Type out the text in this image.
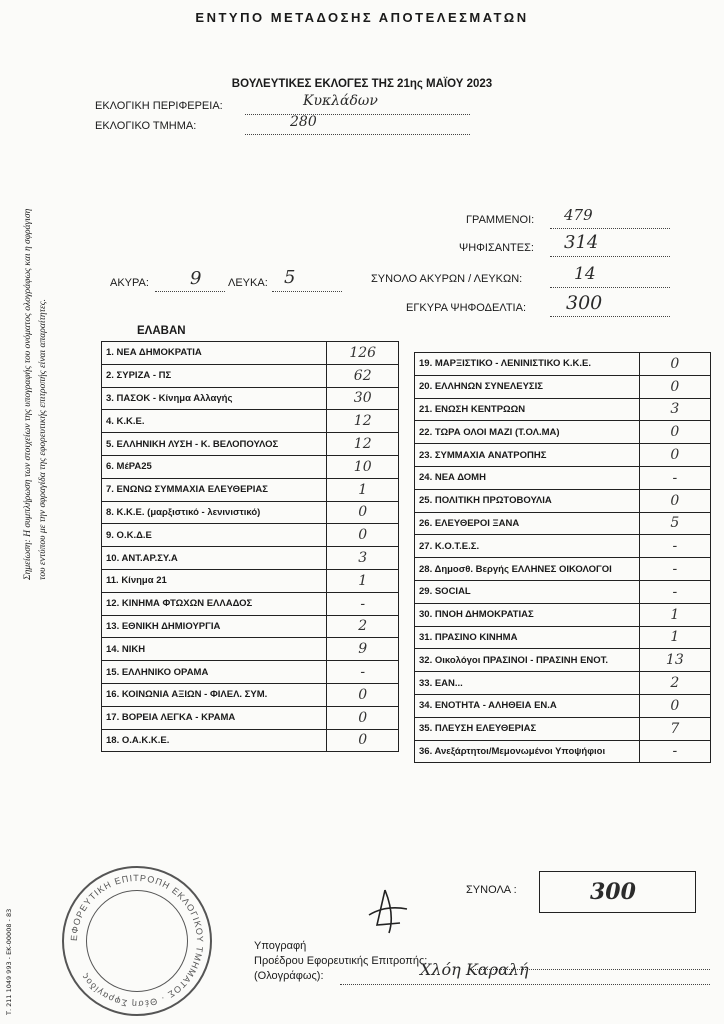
ΕΝΤΥΠΟ ΜΕΤΑΔΟΣΗΣ ΑΠΟΤΕΛΕΣΜΑΤΩΝ
ΒΟΥΛΕΥΤΙΚΕΣ ΕΚΛΟΓΕΣ ΤΗΣ 21ης ΜΑΪΟΥ 2023
ΕΚΛΟΓΙΚΗ ΠΕΡΙΦΕΡΕΙΑ:	Κυκλάδων
ΕΚΛΟΓΙΚΟ ΤΜΗΜΑ:	280
ΓΡΑΜΜΕΝΟΙ: 479
ΨΗΦΙΣΑΝΤΕΣ: 314
ΑΚΥΡΑ: 9 ΛΕΥΚΑ: 5	ΣΥΝΟΛΟ ΑΚΥΡΩΝ / ΛΕΥΚΩΝ:	14
ΕΓΚΥΡΑ ΨΗΦΟΔΕΛΤΙΑ: 300
ΕΛΑΒΑΝ
1. ΝΕΑ ΔΗΜΟΚΡΑΤΙΑ	126
2. ΣΥΡΙΖΑ - ΠΣ	62
3. ΠΑΣΟΚ - Κίνημα Αλλαγής	30
4. Κ.Κ.Ε.	12
5. ΕΛΛΗΝΙΚΗ ΛΥΣΗ - Κ. ΒΕΛΟΠΟΥΛΟΣ	12
6. ΜέΡΑ25	10
7. ΕΝΩΝΩ ΣΥΜΜΑΧΙΑ ΕΛΕΥΘΕΡΙΑΣ	1
8. Κ.Κ.Ε. (μαρξιστικό - λενινιστικό)	0
9. Ο.Κ.Δ.Ε	0
10. ΑΝΤ.ΑΡ.ΣΥ.Α	3
11. Κίνημα 21	1
12. ΚΙΝΗΜΑ ΦΤΩΧΩΝ ΕΛΛΑΔΟΣ	-
13. ΕΘΝΙΚΗ ΔΗΜΙΟΥΡΓΙΑ	2
14. ΝΙΚΗ	9
15. ΕΛΛΗΝΙΚΟ ΟΡΑΜΑ	-
16. ΚΟΙΝΩΝΙΑ ΑΞΙΩΝ - ΦΙΛΕΛ. ΣΥΜ.	0
17. ΒΟΡΕΙΑ ΛΕΓΚΑ - ΚΡΑΜΑ	0
18. Ο.Α.Κ.Κ.Ε.	0
19. ΜΑΡΞΙΣΤΙΚΟ - ΛΕΝΙΝΙΣΤΙΚΟ Κ.Κ.Ε.	0
20. ΕΛΛΗΝΩΝ ΣΥΝΕΛΕΥΣΙΣ	0
21. ΕΝΩΣΗ ΚΕΝΤΡΩΩΝ	3
22. ΤΩΡΑ ΟΛΟΙ ΜΑΖΙ (Τ.ΟΛ.ΜΑ)	0
23. ΣΥΜΜΑΧΙΑ ΑΝΑΤΡΟΠΗΣ	0
24. ΝΕΑ ΔΟΜΗ	-
25. ΠΟΛΙΤΙΚΗ ΠΡΩΤΟΒΟΥΛΙΑ	0
26. ΕΛΕΥΘΕΡΟΙ ΞΑΝΑ	5
27. Κ.Ο.Τ.Ε.Σ.	-
28. Δημοσθ. Βεργής ΕΛΛΗΝΕΣ ΟΙΚΟΛΟΓΟΙ	-
29. SOCIAL	-
30. ΠΝΟΗ ΔΗΜΟΚΡΑΤΙΑΣ	1
31. ΠΡΑΣΙΝΟ ΚΙΝΗΜΑ	1
32. Οικολόγοι ΠΡΑΣΙΝΟΙ - ΠΡΑΣΙΝΗ ΕΝΟΤ.	13
33. ΕΑΝ...	2
34. ΕΝΟΤΗΤΑ - ΑΛΗΘΕΙΑ ΕΝ.Α	0
35. ΠΛΕΥΣΗ ΕΛΕΥΘΕΡΙΑΣ	7
36. Ανεξάρτητοι/Μεμονωμένοι Υποψήφιοι	-
ΣΥΝΟΛΑ :	300
Υπογραφή
Προέδρου Εφορευτικής Επιτροπής:
(Ολογράφως):	Χλόη Καραλή
ΕΦΟΡΕΥΤΙΚΗ ΕΠΙΤΡΟΠΗ ΕΚΛΟΓΙΚΟΥ ΤΜΗΜΑΤΟΣ · Θέση Σφραγίδος
Σημείωση: Η συμπλήρωση των στοιχείων της υπογραφής του ονόματος ολογράφως και η σφράγιση του εντύπου με την σφραγίδα της εφορευτικής επιτροπής είναι απαραίτητες.
Τ. 211 1049 993 - ΕΚ-00008 - 83
